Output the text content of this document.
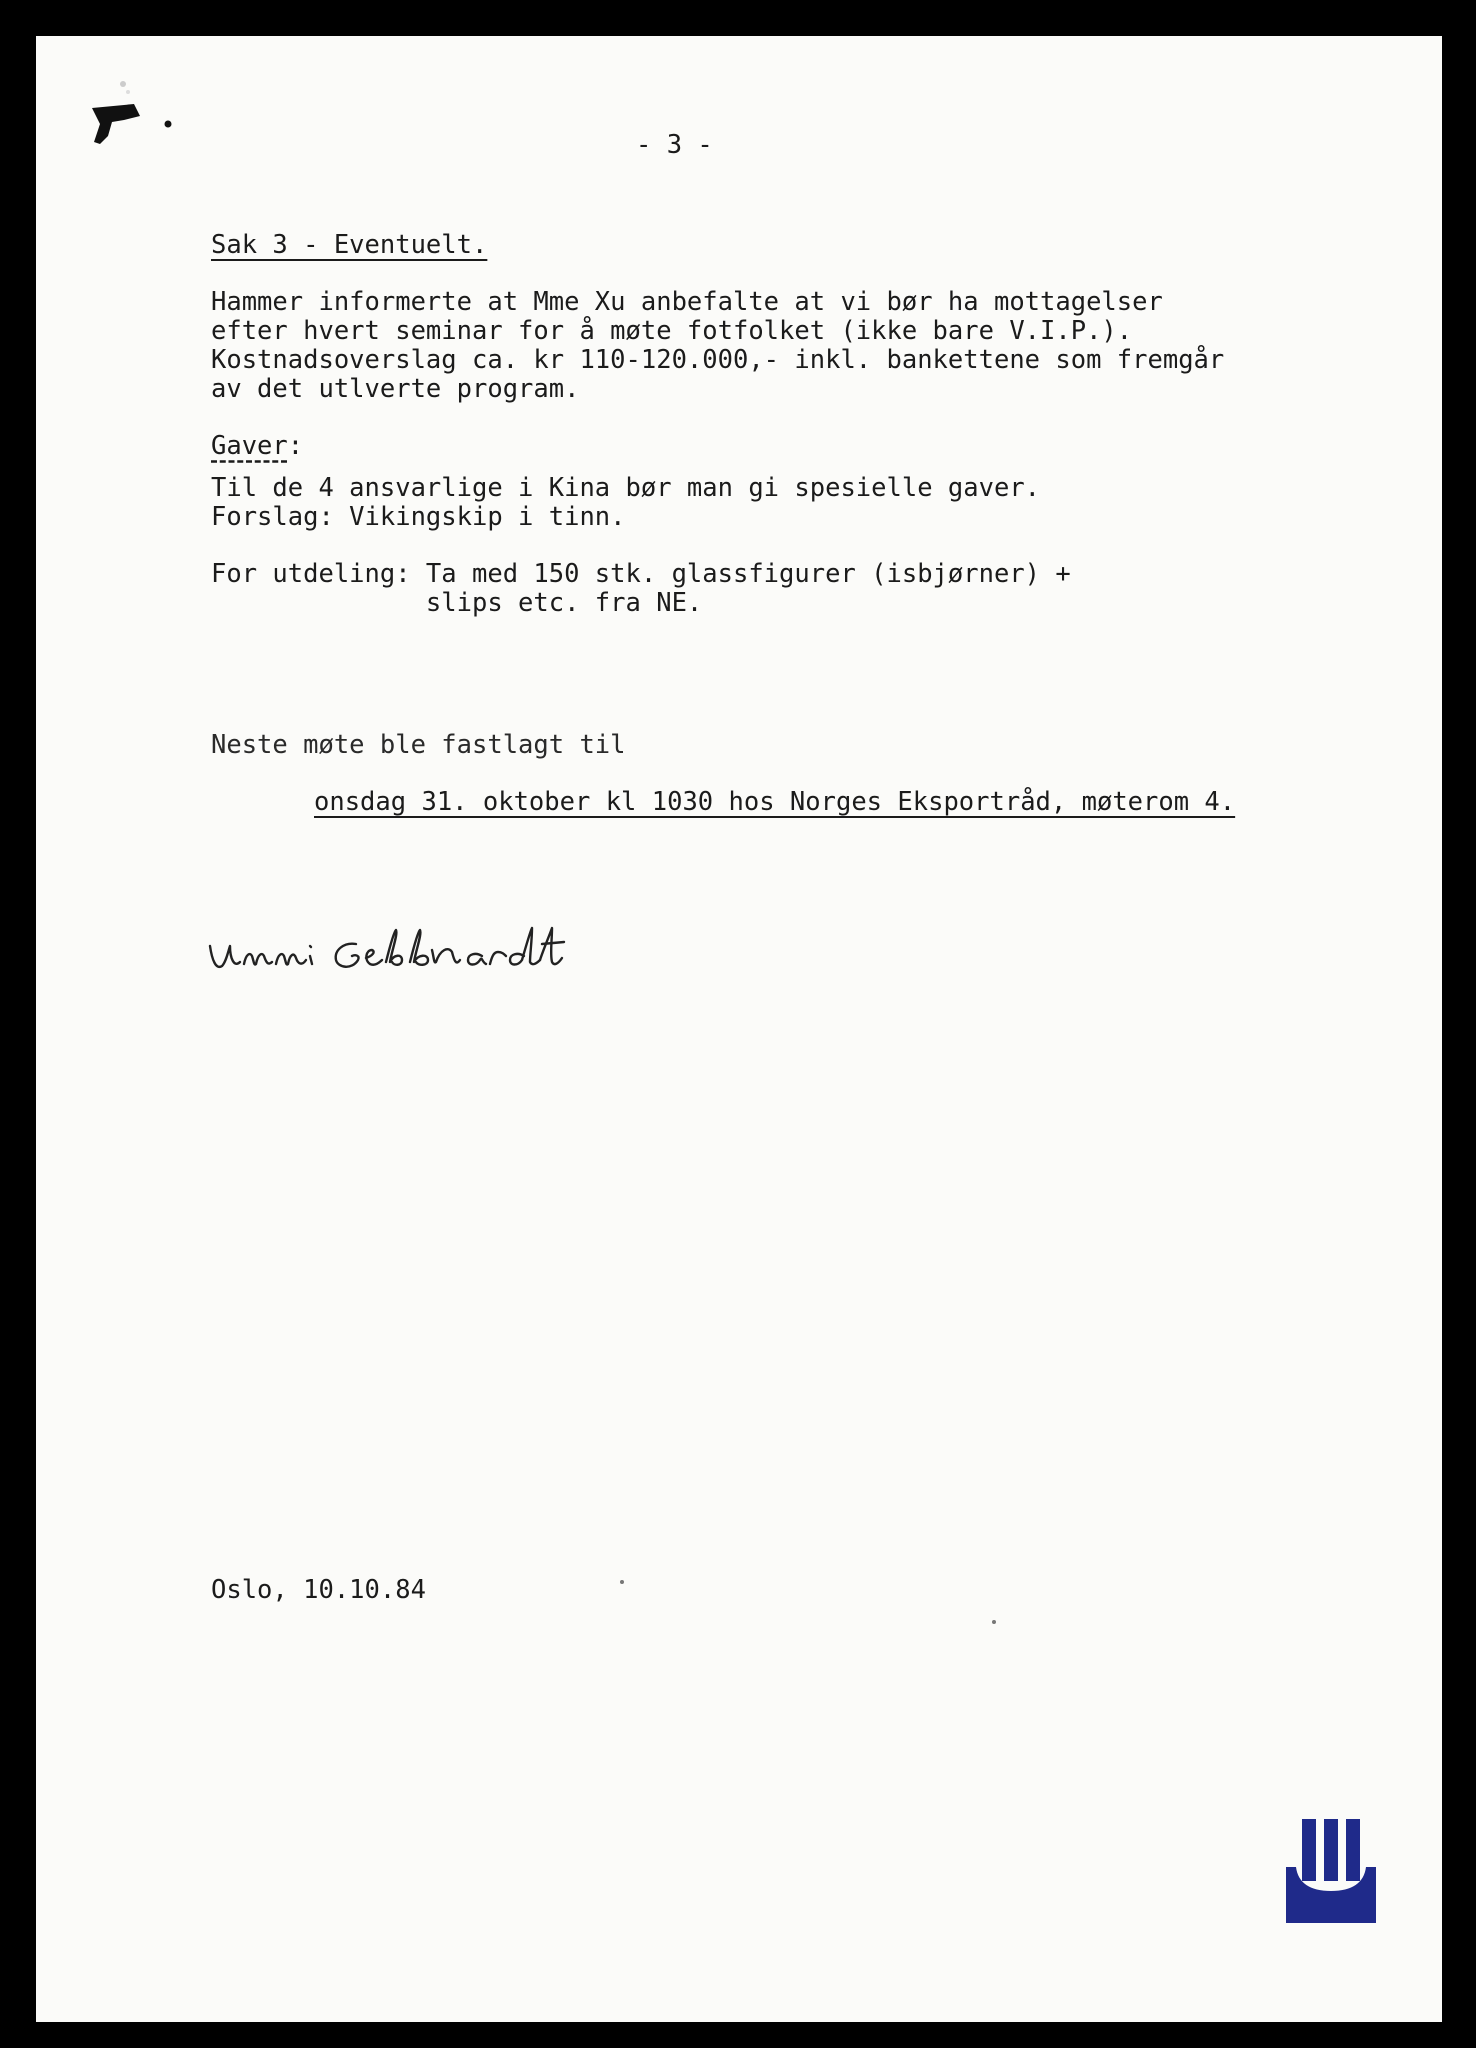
- 3 -
Sak 3 - Eventuelt.
Hammer informerte at Mme Xu anbefalte at vi bør ha mottagelser
efter hvert seminar for å møte fotfolket (ikke bare V.I.P.).
Kostnadsoverslag ca. kr 110-120.000,- inkl. bankettene som fremgår
av det utlverte program.
Gaver:
Til de 4 ansvarlige i Kina bør man gi spesielle gaver.
Forslag: Vikingskip i tinn.
For utdeling: Ta med 150 stk. glassfigurer (isbjørner) +
slips etc. fra NE.
Neste møte ble fastlagt til
onsdag 31. oktober kl 1030 hos Norges Eksportråd, møterom 4.
Oslo, 10.10.84
